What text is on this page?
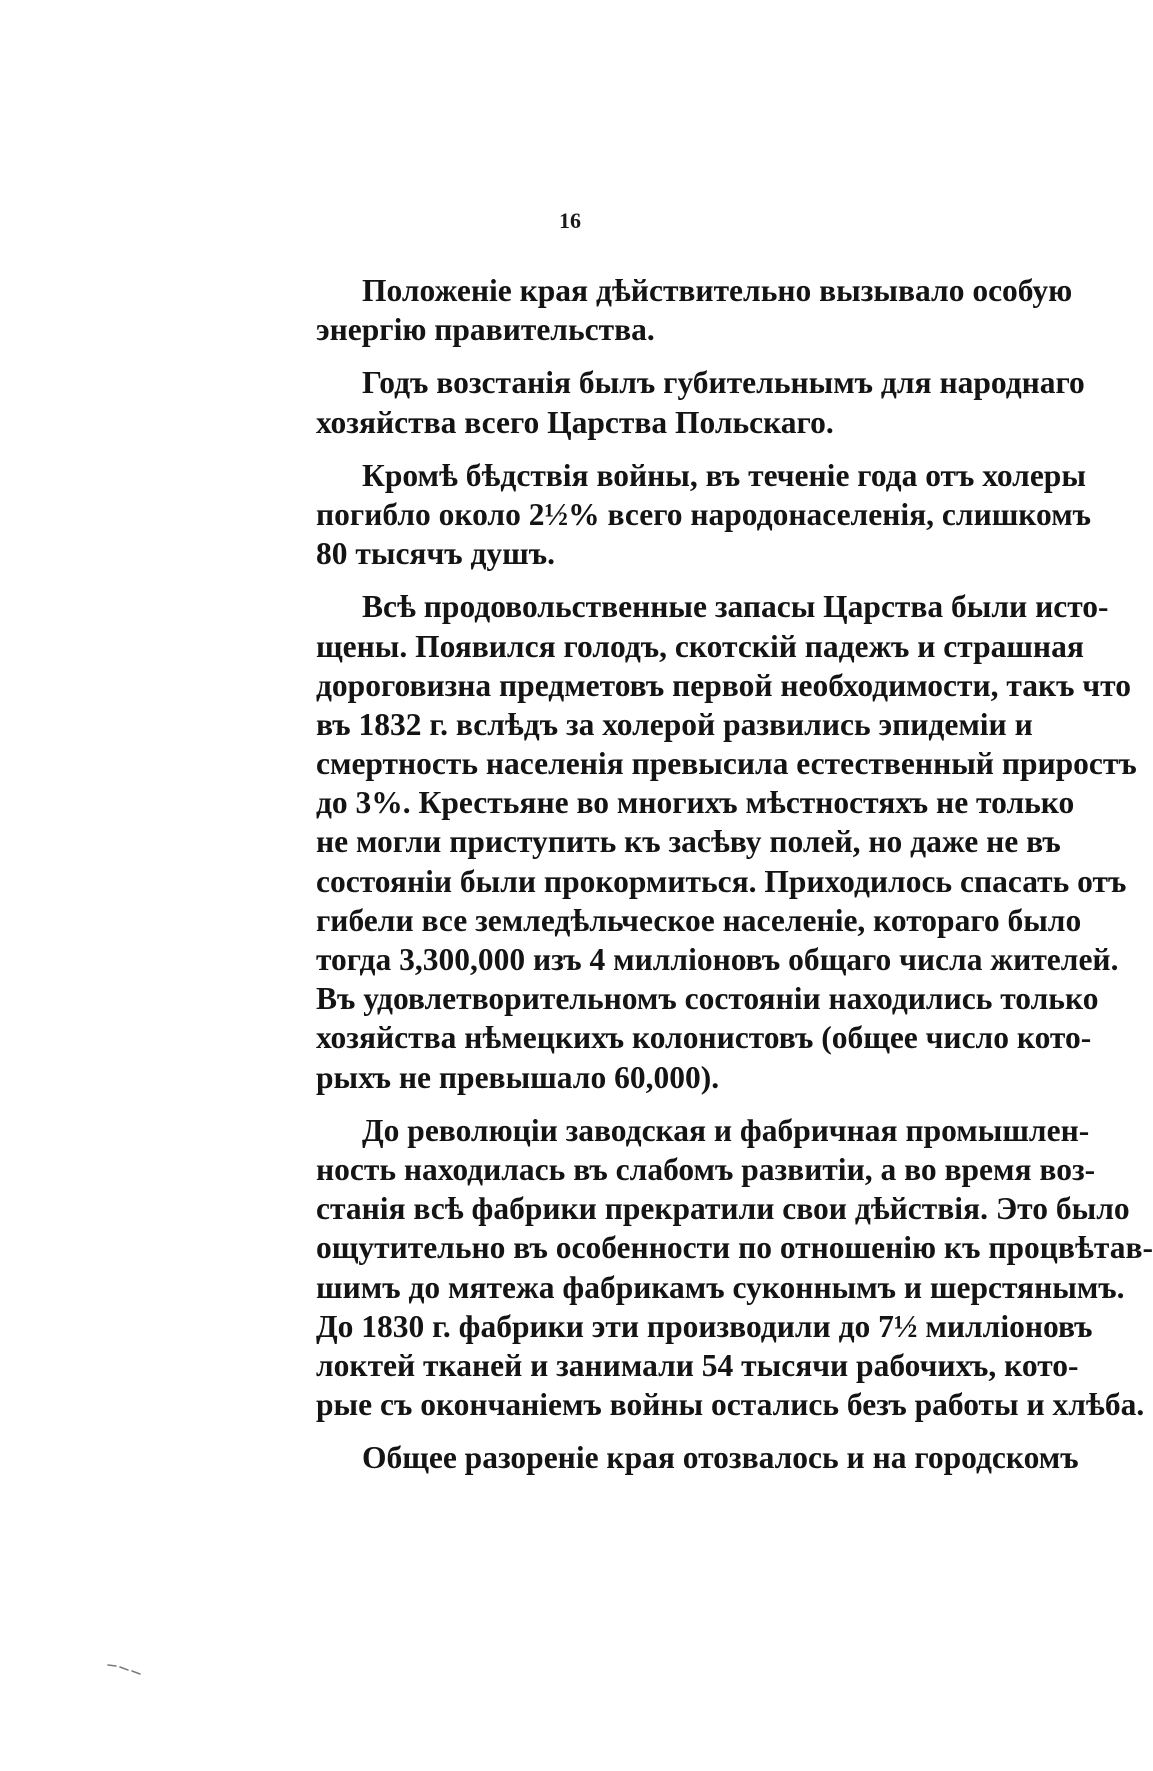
16
Положеніе края дѣйствительно вызывало особую
энергію правительства.
Годъ возстанія былъ губительнымъ для народнаго
хозяйства всего Царства Польскаго.
Кромѣ бѣдствія войны, въ теченіе года отъ холеры
погибло около 2½% всего народонаселенія, слишкомъ
80 тысячъ душъ.
Всѣ продовольственные запасы Царства были исто-
щены. Появился голодъ, скотскій падежъ и страшная
дороговизна предметовъ первой необходимости, такъ что
въ 1832 г. вслѣдъ за холерой развились эпидеміи и
смертность населенія превысила естественный приростъ
до 3%. Крестьяне во многихъ мѣстностяхъ не только
не могли приступить къ засѣву полей, но даже не въ
состояніи были прокормиться. Приходилось спасать отъ
гибели все земледѣльческое населеніе, котораго было
тогда 3,300,000 изъ 4 милліоновъ общаго числа жителей.
Въ удовлетворительномъ состояніи находились только
хозяйства нѣмецкихъ колонистовъ (общее число кото-
рыхъ не превышало 60,000).
До революціи заводская и фабричная промышлен-
ность находилась въ слабомъ развитіи, а во время воз-
станія всѣ фабрики прекратили свои дѣйствія. Это было
ощутительно въ особенности по отношенію къ процвѣтав-
шимъ до мятежа фабрикамъ суконнымъ и шерстянымъ.
До 1830 г. фабрики эти производили до 7½ милліоновъ
локтей тканей и занимали 54 тысячи рабочихъ, кото-
рые съ окончаніемъ войны остались безъ работы и хлѣба.
Общее разореніе края отозвалось и на городскомъ
